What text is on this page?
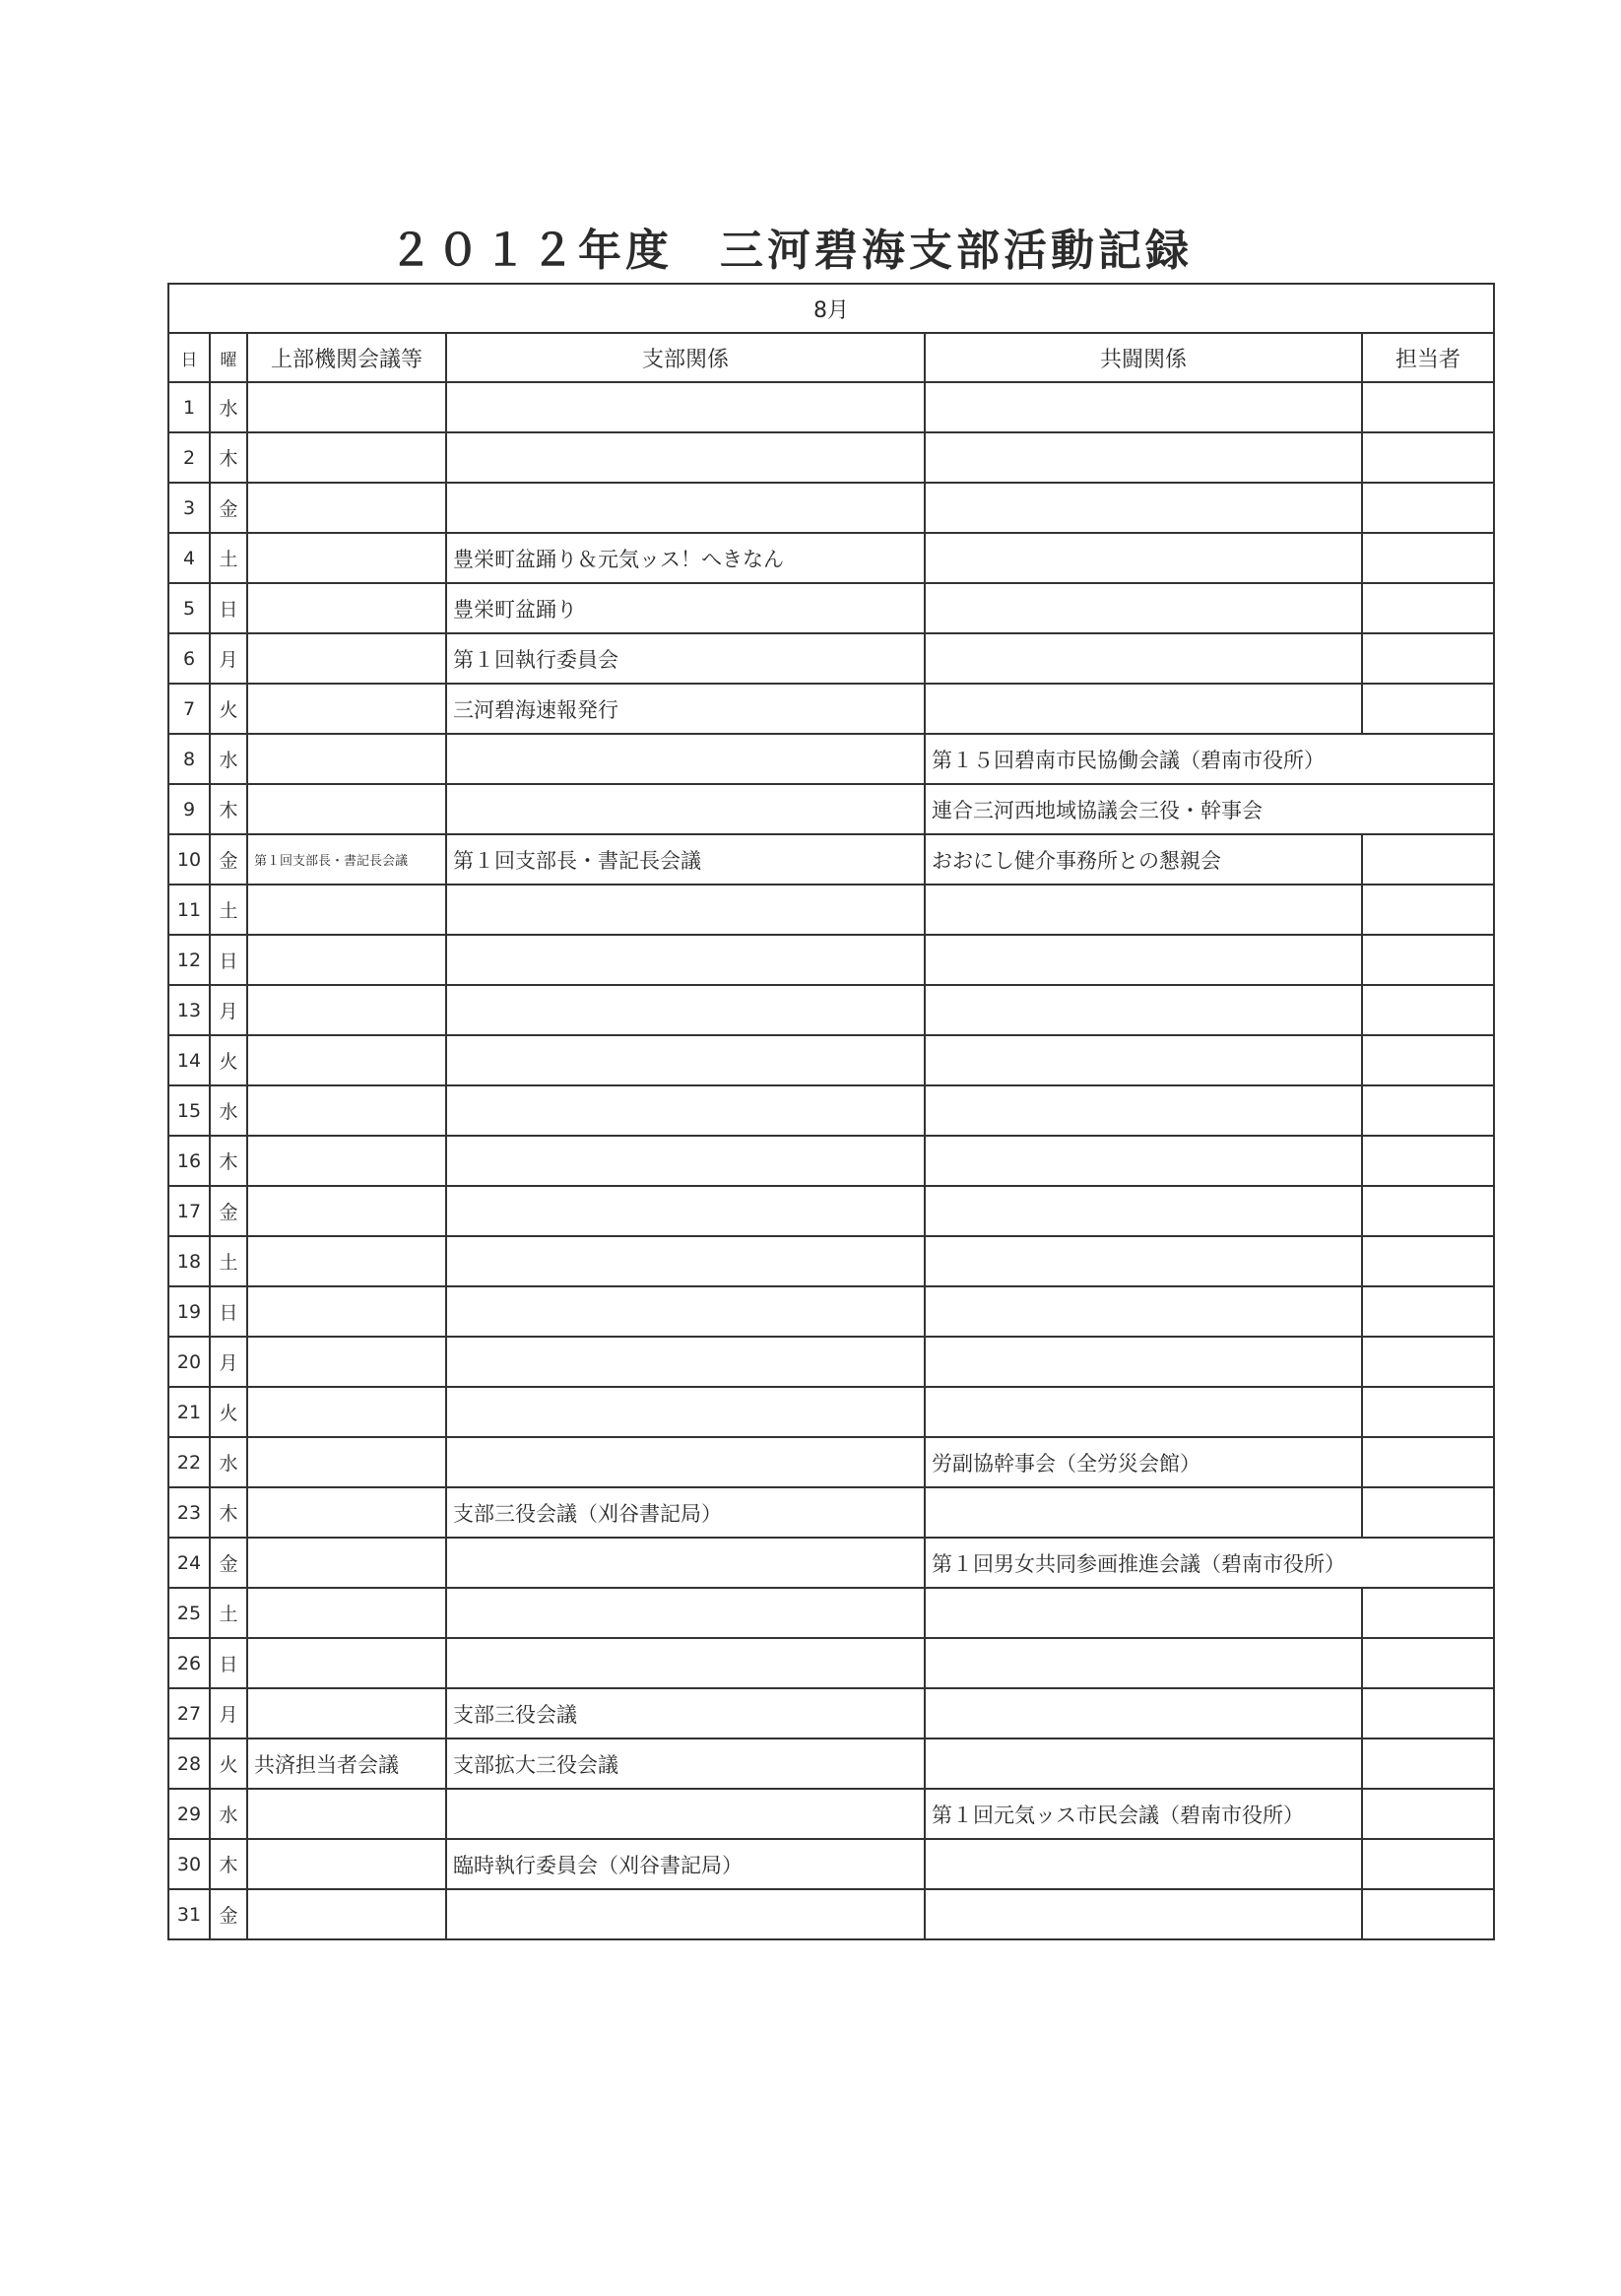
２０１２年度　三河碧海支部活動記録
8月					
日	曜	上部機関会議等	支部関係	共闘関係	担当者
1	水				
2	木				
3	金				
4	土		豊栄町盆踊り＆元気ッス！へきなん		
5	日		豊栄町盆踊り		
6	月		第１回執行委員会		
7	火		三河碧海速報発行		
8	水			第１５回碧南市民協働会議（碧南市役所）	
9	木			連合三河西地域協議会三役・幹事会	
10	金	第１回支部長・書記長会議	第１回支部長・書記長会議	おおにし健介事務所との懇親会	
11	土				
12	日				
13	月				
14	火				
15	水				
16	木				
17	金				
18	土				
19	日				
20	月				
21	火				
22	水			労副協幹事会（全労災会館）	
23	木		支部三役会議（刈谷書記局）		
24	金			第１回男女共同参画推進会議（碧南市役所）	
25	土				
26	日				
27	月		支部三役会議		
28	火	共済担当者会議	支部拡大三役会議		
29	水			第１回元気ッス市民会議（碧南市役所）	
30	木		臨時執行委員会（刈谷書記局）		
31	金				
